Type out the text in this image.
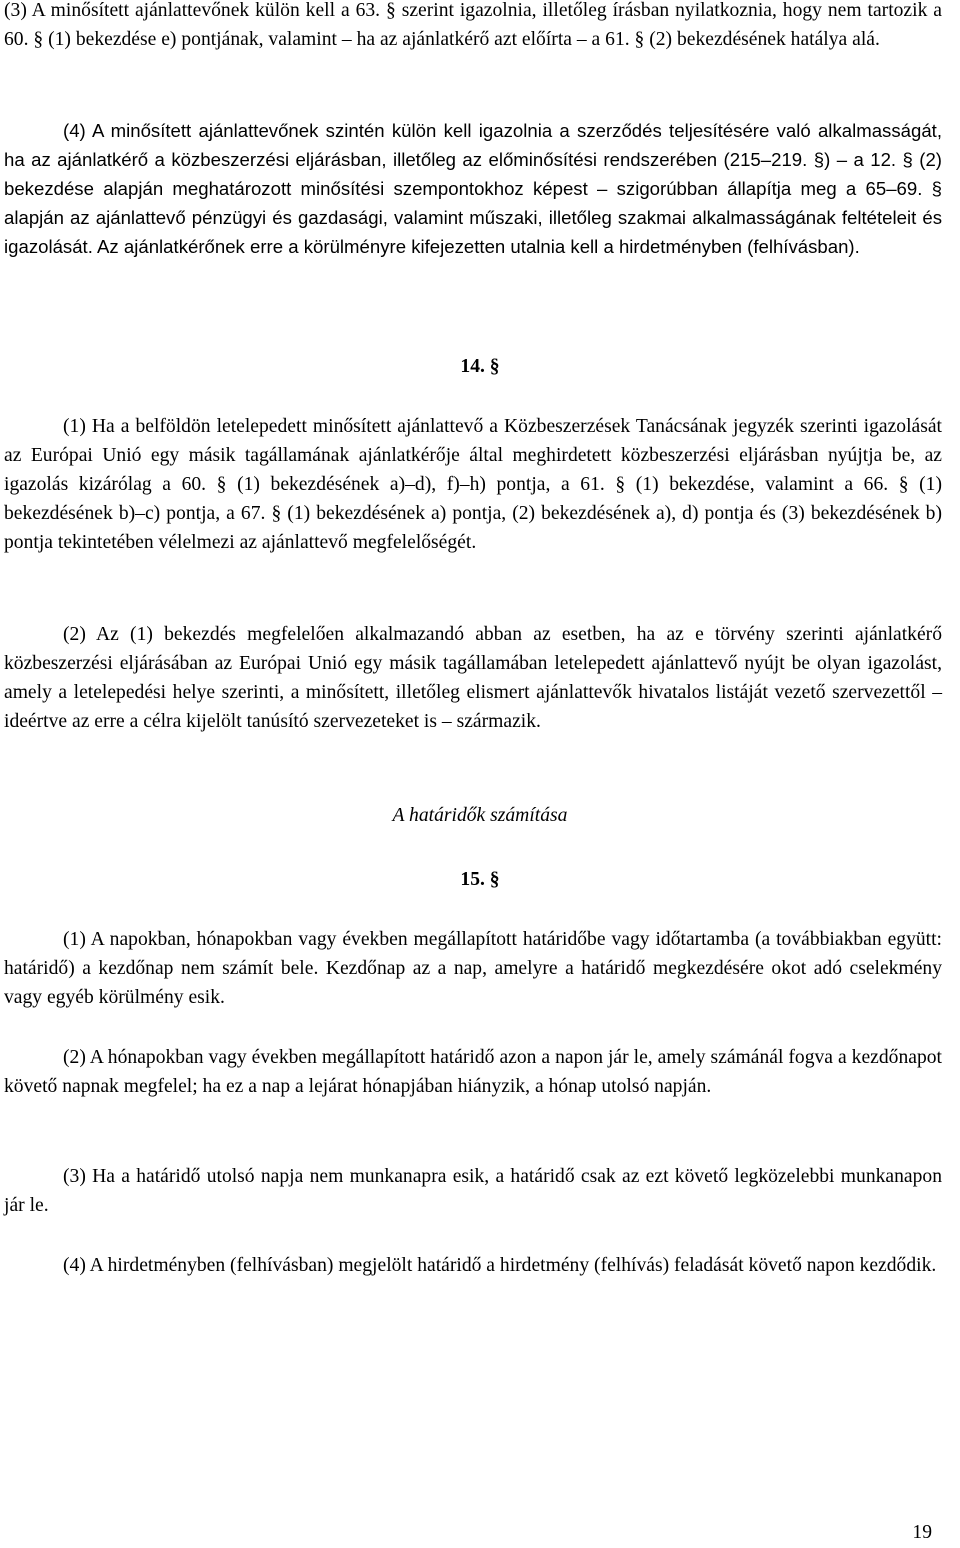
(3) A minősített ajánlattevőnek külön kell a 63. § szerint igazolnia, illetőleg írásban nyilatkoznia, hogy nem tartozik a 60. § (1) bekezdése e) pontjának, valamint – ha az ajánlatkérő azt előírta – a 61. § (2) bekezdésének hatálya alá.

(4) A minősített ajánlattevőnek szintén külön kell igazolnia a szerződés teljesítésére való alkalmasságát, ha az ajánlatkérő a közbeszerzési eljárásban, illetőleg az előminősítési rendszerében (215–219. §) – a 12. § (2) bekezdése alapján meghatározott minősítési szempontokhoz képest – szigorúbban állapítja meg a 65–69. § alapján az ajánlattevő pénzügyi és gazdasági, valamint műszaki, illetőleg szakmai alkalmasságának feltételeit és igazolását. Az ajánlatkérőnek erre a körülményre kifejezetten utalnia kell a hirdetményben (felhívásban).

14. §

(1) Ha a belföldön letelepedett minősített ajánlattevő a Közbeszerzések Tanácsának jegyzék szerinti igazolását az Európai Unió egy másik tagállamának ajánlatkérője által meghirdetett közbeszerzési eljárásban nyújtja be, az igazolás kizárólag a 60. § (1) bekezdésének a)–d), f)–h) pontja, a 61. § (1) bekezdése, valamint a 66. § (1) bekezdésének b)–c) pontja, a 67. § (1) bekezdésének a) pontja, (2) bekezdésének a), d) pontja és (3) bekezdésének b) pontja tekintetében vélelmezi az ajánlattevő megfelelőségét.

(2) Az (1) bekezdés megfelelően alkalmazandó abban az esetben, ha az e törvény szerinti ajánlatkérő közbeszerzési eljárásában az Európai Unió egy másik tagállamában letelepedett ajánlattevő nyújt be olyan igazolást, amely a letelepedési helye szerinti, a minősített, illetőleg elismert ajánlattevők hivatalos listáját vezető szervezettől – ideértve az erre a célra kijelölt tanúsító szervezeteket is – származik.

A határidők számítása

15. §

(1) A napokban, hónapokban vagy években megállapított határidőbe vagy időtartamba (a továbbiakban együtt: határidő) a kezdőnap nem számít bele. Kezdőnap az a nap, amelyre a határidő megkezdésére okot adó cselekmény vagy egyéb körülmény esik.

(2) A hónapokban vagy években megállapított határidő azon a napon jár le, amely számánál fogva a kezdőnapot követő napnak megfelel; ha ez a nap a lejárat hónapjában hiányzik, a hónap utolsó napján.

(3) Ha a határidő utolsó napja nem munkanapra esik, a határidő csak az ezt követő legközelebbi munkanapon jár le.

(4) A hirdetményben (felhívásban) megjelölt határidő a hirdetmény (felhívás) feladását követő napon kezdődik.

19
